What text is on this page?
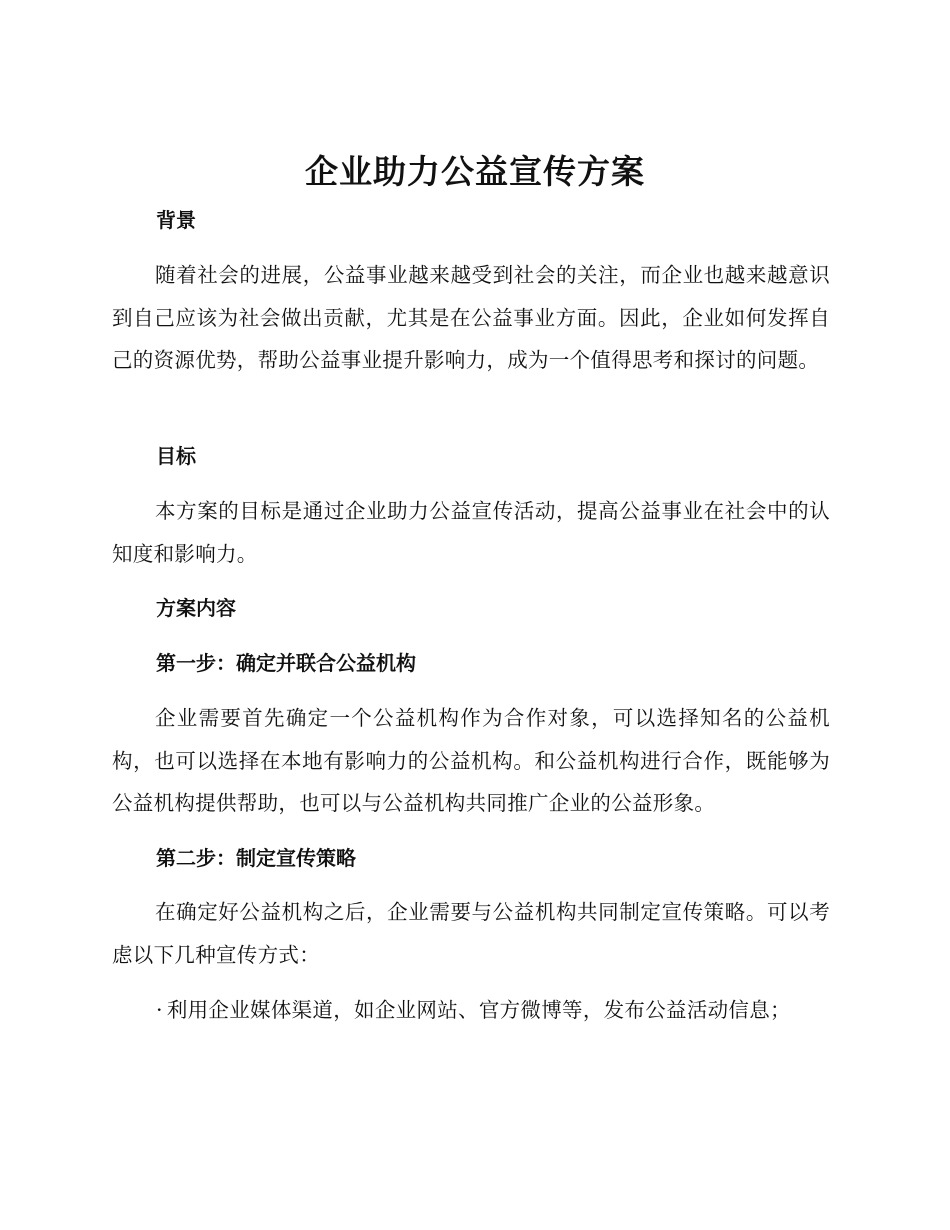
企业助力公益宣传方案
背景

随着社会的进展，公益事业越来越受到社会的关注，而企业也越来越意识到自己应该为社会做出贡献，尤其是在公益事业方面。因此，企业如何发挥自己的资源优势，帮助公益事业提升影响力，成为一个值得思考和探讨的问题。

目标

本方案的目标是通过企业助力公益宣传活动，提高公益事业在社会中的认知度和影响力。

方案内容
第一步：确定并联合公益机构

企业需要首先确定一个公益机构作为合作对象，可以选择知名的公益机构，也可以选择在本地有影响力的公益机构。和公益机构进行合作，既能够为公益机构提供帮助，也可以与公益机构共同推广企业的公益形象。

第二步：制定宣传策略

在确定好公益机构之后，企业需要与公益机构共同制定宣传策略。可以考虑以下几种宣传方式：

· 利用企业媒体渠道，如企业网站、官方微博等，发布公益活动信息；
